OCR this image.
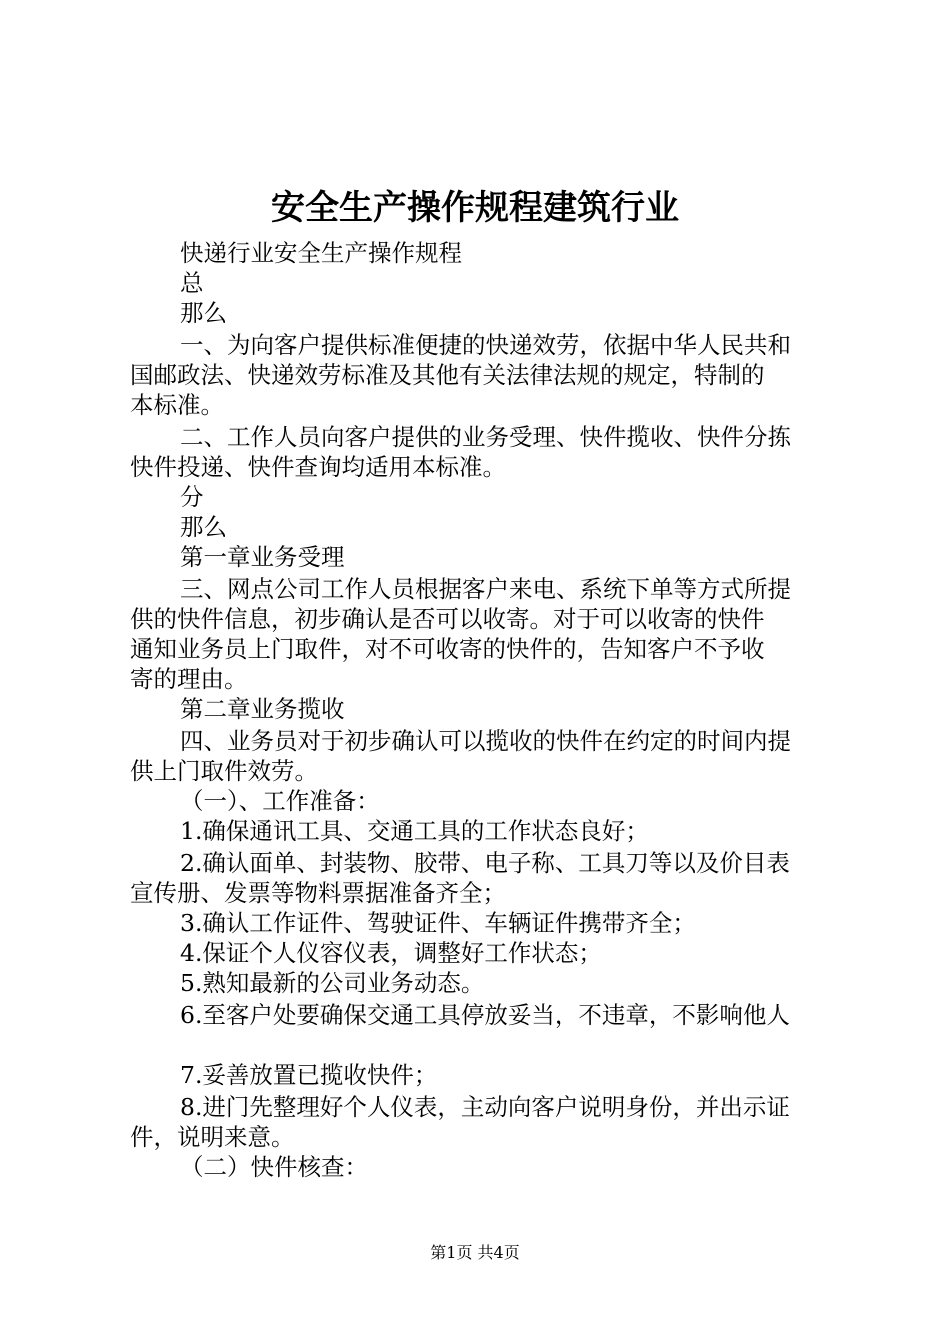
安全生产操作规程建筑行业
快递行业安全生产操作规程
总
那么
一、为向客户提供标准便捷的快递效劳，依据中华人民共和
国邮政法、快递效劳标准及其他有关法律法规的规定，特制的
本标准。
二、工作人员向客户提供的业务受理、快件揽收、快件分拣
快件投递、快件查询均适用本标准。
分
那么
第一章业务受理
三、网点公司工作人员根据客户来电、系统下单等方式所提
供的快件信息，初步确认是否可以收寄。对于可以收寄的快件
通知业务员上门取件，对不可收寄的快件的，告知客户不予收
寄的理由。
第二章业务揽收
四、业务员对于初步确认可以揽收的快件在约定的时间内提
供上门取件效劳。
（一）、工作准备：
1.确保通讯工具、交通工具的工作状态良好；
2.确认面单、封装物、胶带、电子称、工具刀等以及价目表
宣传册、发票等物料票据准备齐全；
3.确认工作证件、驾驶证件、车辆证件携带齐全；
4.保证个人仪容仪表，调整好工作状态；
5.熟知最新的公司业务动态。
6.至客户处要确保交通工具停放妥当，不违章，不影响他人
7.妥善放置已揽收快件；
8.进门先整理好个人仪表，主动向客户说明身份，并出示证
件，说明来意。
（二）快件核查：
第1页 共4页
